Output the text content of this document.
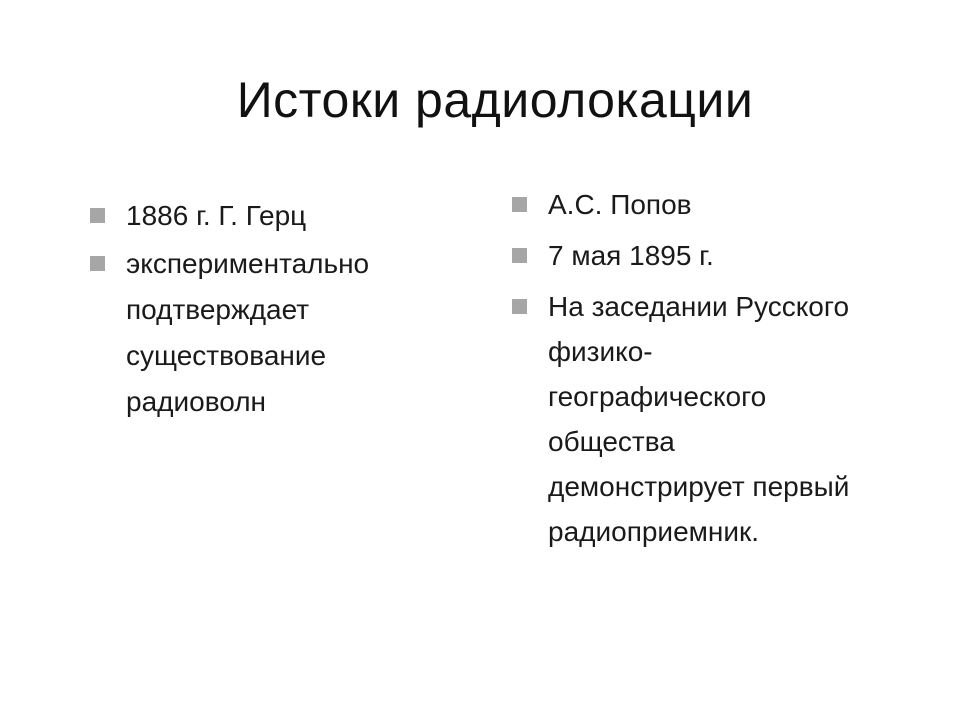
Истоки радиолокации
1886 г. Г. Герц
экспериментально подтверждает существование радиоволн
А.С. Попов
7 мая 1895 г.
На заседании Русского физико-географического общества демонстрирует первый радиоприемник.
